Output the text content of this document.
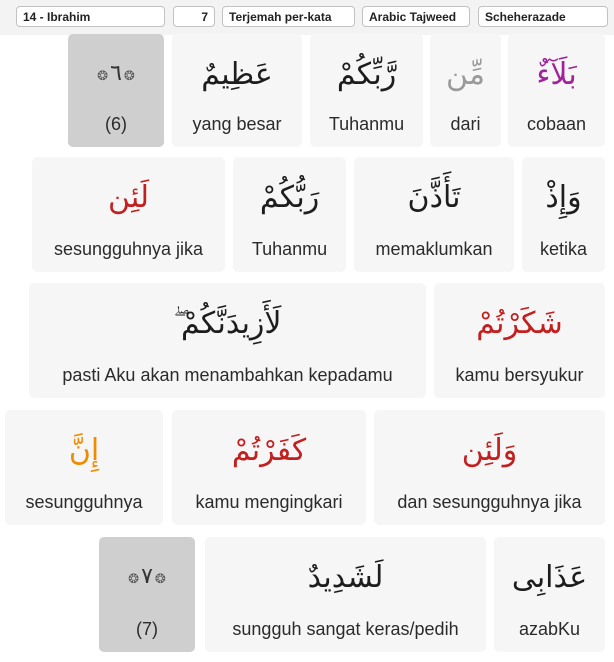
14 - Ibrahim	7	Terjemah per-kata	Arabic Tajweed	Scheherazade
بَلَآءٌ
cobaan
مِّن
dari
رَّبِّكُمْ
Tuhanmu
عَظِيمٌ
yang besar
❂٦ ❂
(6)
وَإِذْ
ketika
تَأَذَّنَ
memaklumkan
رَبُّكُمْ
Tuhanmu
لَئِن
sesungguhnya jika
شَكَرْتُمْ
kamu bersyukur
لَأَزِيدَنَّكُمْ ۖ
pasti Aku akan menambahkan kepadamu
وَلَئِن
dan sesungguhnya jika
كَفَرْتُمْ
kamu mengingkari
إِنَّ
sesungguhnya
عَذَابِى
azabKu
لَشَدِيدٌ
sungguh sangat keras/pedih
❂٧ ❂
(7)
